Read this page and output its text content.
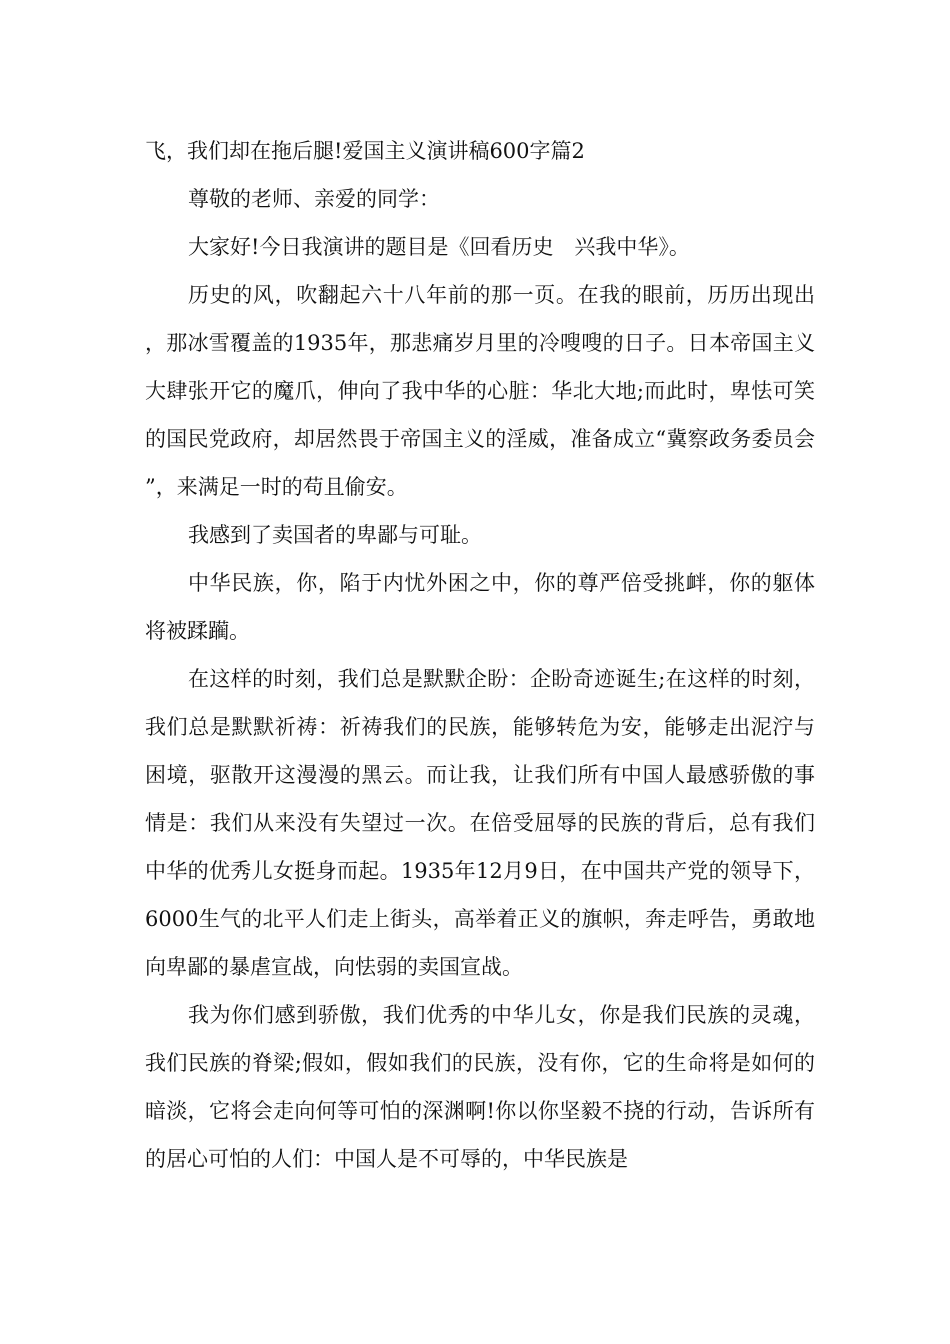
飞，我们却在拖后腿!爱国主义演讲稿600字篇2

尊敬的老师、亲爱的同学：

大家好!今日我演讲的题目是《回看历史　兴我中华》。

历史的风，吹翻起六十八年前的那一页。在我的眼前，历历出现出，那冰雪覆盖的1935年，那悲痛岁月里的冷嗖嗖的日子。日本帝国主义大肆张开它的魔爪，伸向了我中华的心脏：华北大地;而此时，卑怯可笑的国民党政府，却居然畏于帝国主义的淫威，准备成立“冀察政务委员会”，来满足一时的苟且偷安。

我感到了卖国者的卑鄙与可耻。

中华民族，你，陷于内忧外困之中，你的尊严倍受挑衅，你的躯体将被蹂躏。

在这样的时刻，我们总是默默企盼：企盼奇迹诞生;在这样的时刻，我们总是默默祈祷：祈祷我们的民族，能够转危为安，能够走出泥泞与困境，驱散开这漫漫的黑云。而让我，让我们所有中国人最感骄傲的事情是：我们从来没有失望过一次。在倍受屈辱的民族的背后，总有我们中华的优秀儿女挺身而起。1935年12月9日，在中国共产党的领导下，6000生气的北平人们走上街头，高举着正义的旗帜，奔走呼告，勇敢地向卑鄙的暴虐宣战，向怯弱的卖国宣战。

我为你们感到骄傲，我们优秀的中华儿女，你是我们民族的灵魂，我们民族的脊梁;假如，假如我们的民族，没有你，它的生命将是如何的暗淡，它将会走向何等可怕的深渊啊!你以你坚毅不挠的行动，告诉所有的居心可怕的人们：中国人是不可辱的，中华民族是
